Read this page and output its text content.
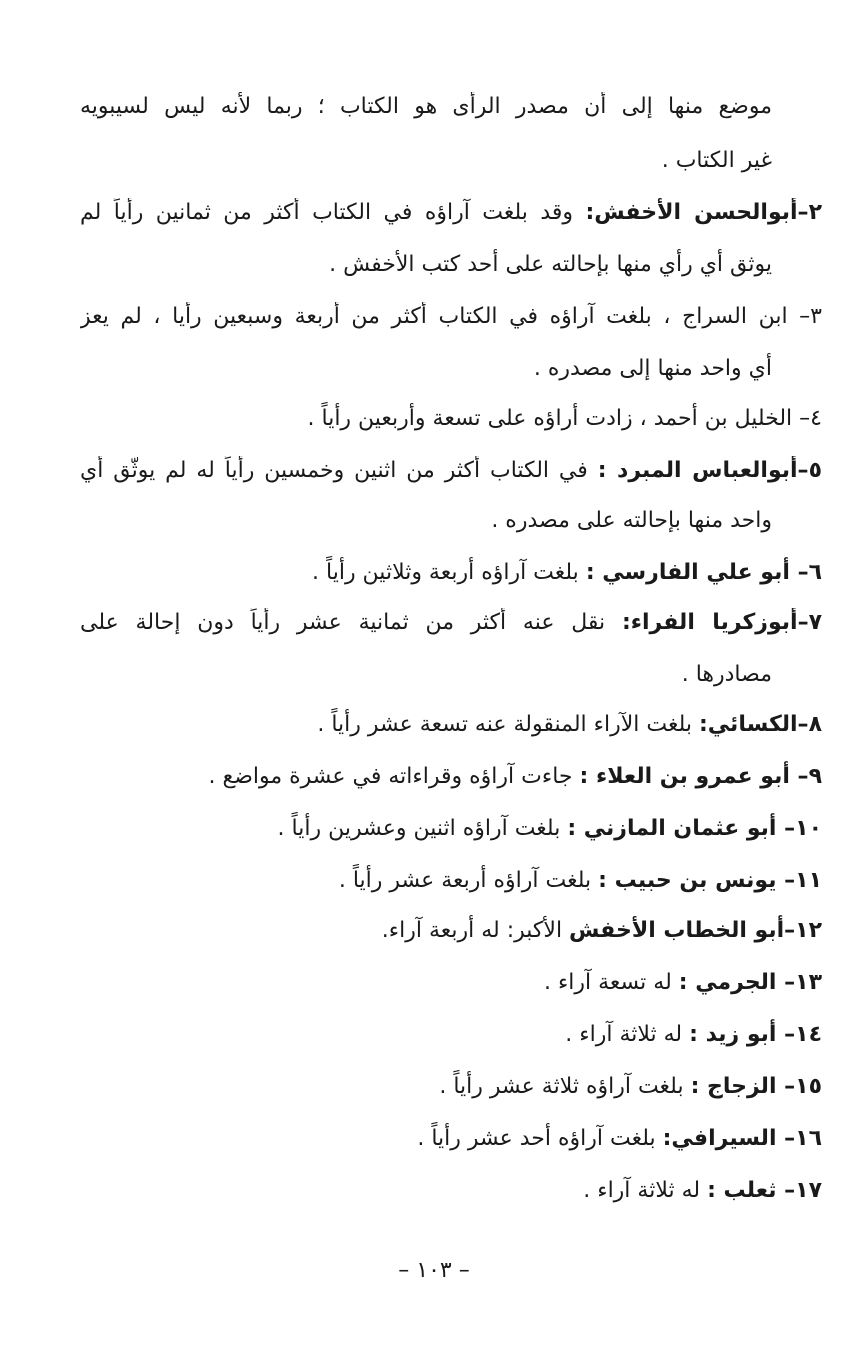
موضع منها إلى أن مصدر الرأى هو الكتاب ؛ ربما لأنه ليس لسيبويه
غير الكتاب .
٢–أبوالحسن الأخفش: وقد بلغت آراؤه في الكتاب أكثر من ثمانين رأياً لم
يوثق أي رأي منها بإحالته على أحد كتب الأخفش .
٣– ابن السراج ، بلغت آراؤه في الكتاب أكثر من أربعة وسبعين رأيا ، لم يعز
أي واحد منها إلى مصدره .
٤– الخليل بن أحمد ، زادت أراؤه على تسعة وأربعين رأياً .
٥–أبوالعباس المبرد : في الكتاب أكثر من اثنين وخمسين رأياً له لم يوثّق أي
واحد منها بإحالته على مصدره .
٦– أبو علي الفارسي : بلغت آراؤه أربعة وثلاثين رأياً .
٧–أبوزكريا الفراء: نقل عنه أكثر من ثمانية عشر رأياً دون إحالة على
مصادرها .
٨–الكسائي: بلغت الآراء المنقولة عنه تسعة عشر رأياً .
٩– أبو عمرو بن العلاء : جاءت آراؤه وقراءاته في عشرة مواضع .
١٠– أبو عثمان المازني : بلغت آراؤه اثنين وعشرين رأياً .
١١– يونس بن حبيب : بلغت آراؤه أربعة عشر رأياً .
١٢–أبو الخطاب الأخفش الأكبر: له أربعة آراء.
١٣– الجرمي : له تسعة آراء .
١٤– أبو زيد : له ثلاثة آراء .
١٥– الزجاج : بلغت آراؤه ثلاثة عشر رأياً .
١٦– السيرافي: بلغت آراؤه أحد عشر رأياً .
١٧– ثعلب : له ثلاثة آراء .
– ١٠٣ –
